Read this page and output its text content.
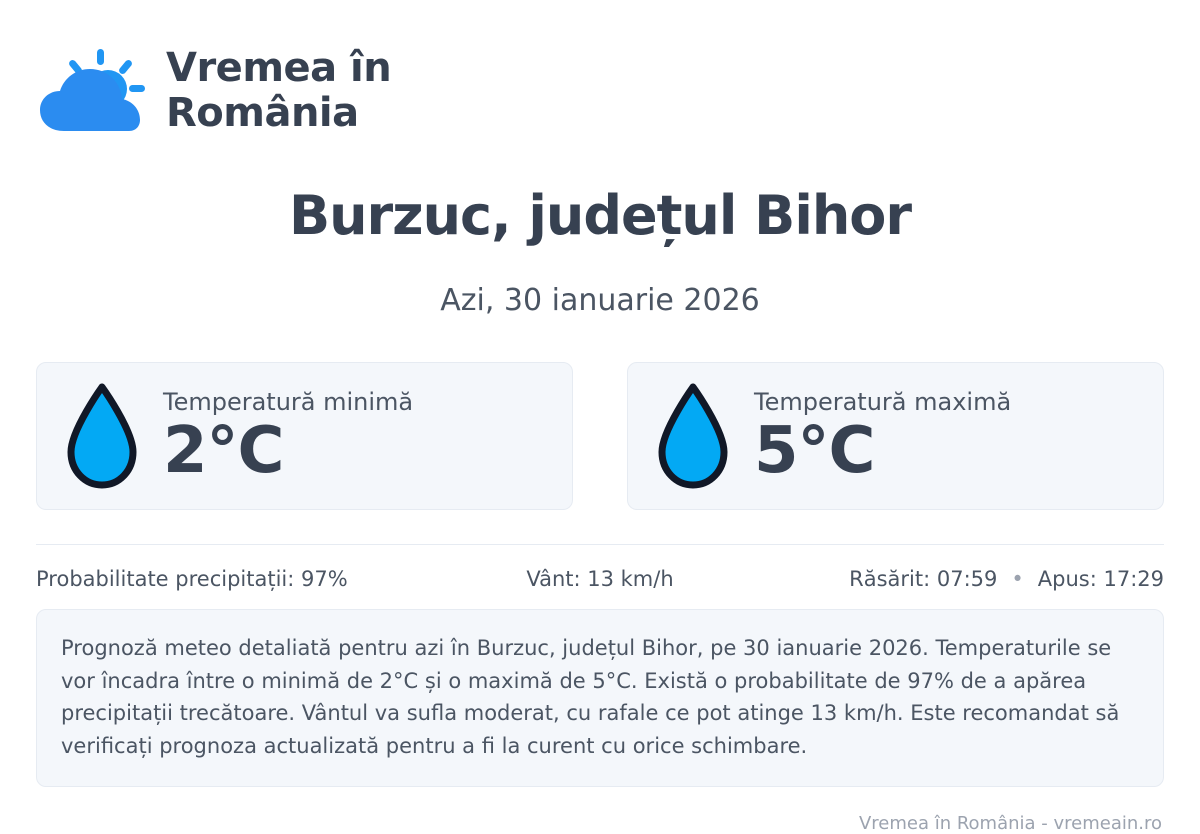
Vremea în
România
Burzuc, județul Bihor
Azi, 30 ianuarie 2026
Temperatură minimă
2°C
Temperatură maximă
5°C
Probabilitate precipitații: 97%	Vânt: 13 km/h	Răsărit: 07:59 • Apus: 17:29
Prognoză meteo detaliată pentru azi în Burzuc, județul Bihor, pe 30 ianuarie 2026. Temperaturile se vor încadra între o minimă de 2°C și o maximă de 5°C. Există o probabilitate de 97% de a apărea precipitații trecătoare. Vântul va sufla moderat, cu rafale ce pot atinge 13 km/h. Este recomandat să verificați prognoza actualizată pentru a fi la curent cu orice schimbare.
Vremea în România - vremeain.ro
